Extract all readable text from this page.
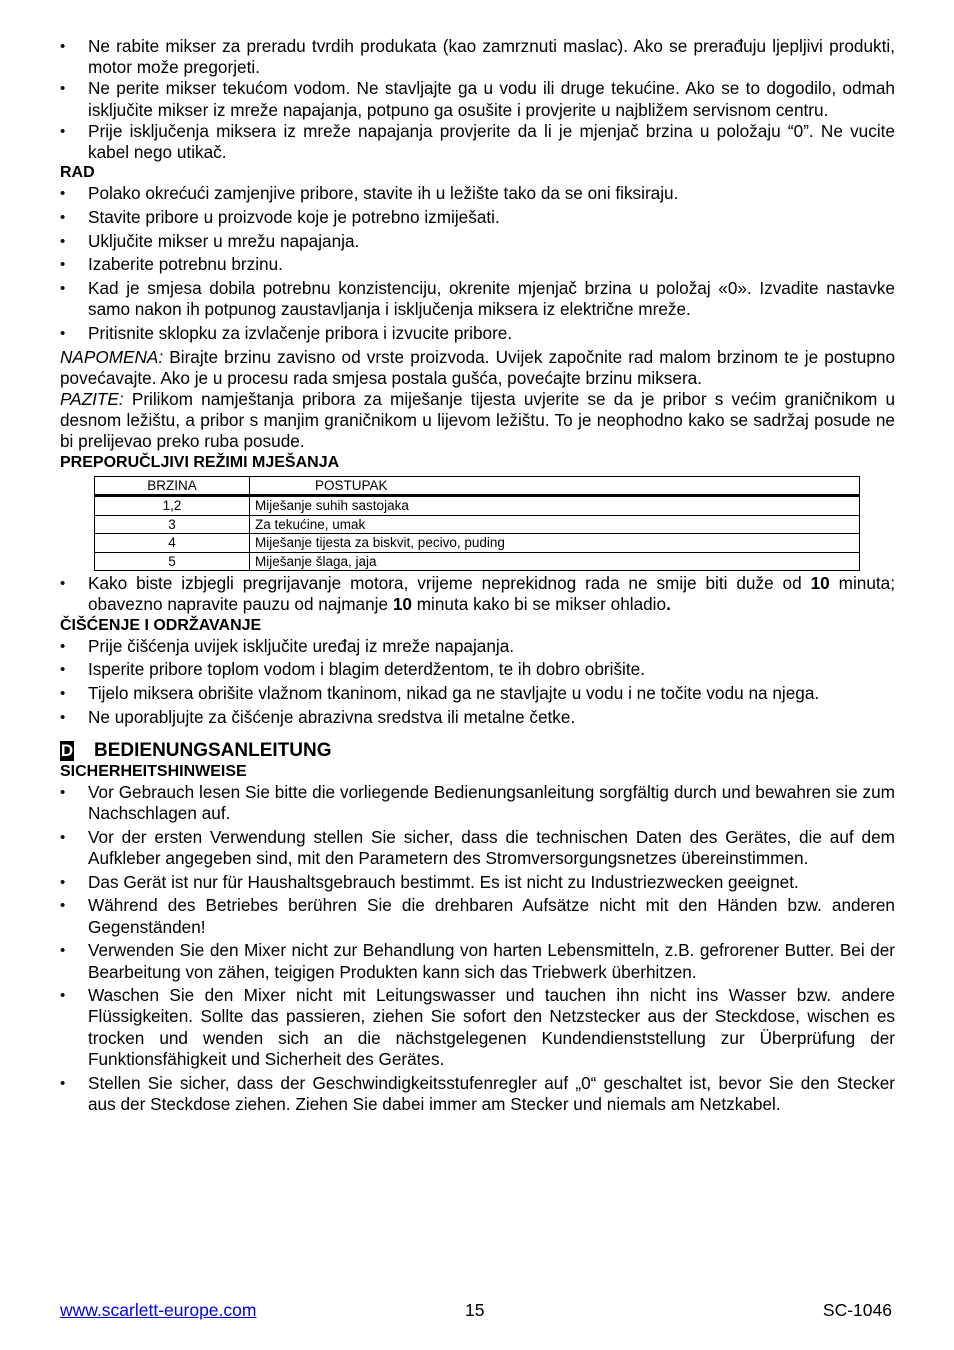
• Ne rabite mikser za preradu tvrdih produkata (kao zamrznuti maslac). Ako se prerađuju ljepljivi produkti, motor može pregorjeti.
• Ne perite mikser tekućom vodom. Ne stavljajte ga u vodu ili druge tekućine. Ako se to dogodilo, odmah isključite mikser iz mreže napajanja, potpuno ga osušite i provjerite u najbližem servisnom centru.
• Prije isključenja miksera iz mreže napajanja provjerite da li je mjenjač brzina u položaju “0”. Ne vucite kabel nego utikač.
RAD
• Polako okrećući zamjenjive pribore, stavite ih u ležište tako da se oni fiksiraju.
• Stavite pribore u proizvode koje je potrebno izmiješati.
• Uključite mikser u mrežu napajanja.
• Izaberite potrebnu brzinu.
• Kad je smjesa dobila potrebnu konzistenciju, okrenite mjenjač brzina u položaj «0». Izvadite nastavke samo nakon ih potpunog zaustavljanja i isključenja miksera iz električne mreže.
• Pritisnite sklopku za izvlačenje pribora i izvucite pribore.

NAPOMENA: Birajte brzinu zavisno od vrste proizvoda. Uvijek započnite rad malom brzinom te je postupno povećavajte. Ako je u procesu rada smjesa postala gušća, povećajte brzinu miksera.

PAZITE: Prilikom namještanja pribora za miješanje tijesta uvjerite se da je pribor s većim graničnikom u desnom ležištu, a pribor s manjim graničnikom u lijevom ležištu. To je neophodno kako se sadržaj posude ne bi prelijevao preko ruba posude.

PREPORUČLJIVI REŽIMI MJEŠANJA
BRZINA	POSTUPAK
1,2	Miješanje suhih sastojaka
3	Za tekućine, umak
4	Miješanje tijesta za biskvit, pecivo, puding
5	Miješanje šlaga, jaja
• Kako biste izbjegli pregrijavanje motora, vrijeme neprekidnog rada ne smije biti duže od 10 minuta; obavezno napravite pauzu od najmanje 10 minuta kako bi se mikser ohladio.
ČIŠĆENJE I ODRŽAVANJE
• Prije čišćenja uvijek isključite uređaj iz mreže napajanja.
• Isperite pribore toplom vodom i blagim deterdžentom, te ih dobro obrišite.
• Tijelo miksera obrišite vlažnom tkaninom, nikad ga ne stavljajte u vodu i ne točite vodu na njega.
• Ne uporabljujte za čišćenje abrazivna sredstva ili metalne četke.
D BEDIENUNGSANLEITUNG
SICHERHEITSHINWEISE
• Vor Gebrauch lesen Sie bitte die vorliegende Bedienungsanleitung sorgfältig durch und bewahren sie zum Nachschlagen auf.
• Vor der ersten Verwendung stellen Sie sicher, dass die technischen Daten des Gerätes, die auf dem Aufkleber angegeben sind, mit den Parametern des Stromversorgungsnetzes übereinstimmen.
• Das Gerät ist nur für Haushaltsgebrauch bestimmt. Es ist nicht zu Industriezwecken geeignet.
• Während des Betriebes berühren Sie die drehbaren Aufsätze nicht mit den Händen bzw. anderen Gegenständen!
• Verwenden Sie den Mixer nicht zur Behandlung von harten Lebensmitteln, z.B. gefrorener Butter. Bei der Bearbeitung von zähen, teigigen Produkten kann sich das Triebwerk überhitzen.
• Waschen Sie den Mixer nicht mit Leitungswasser und tauchen ihn nicht ins Wasser bzw. andere Flüssigkeiten. Sollte das passieren, ziehen Sie sofort den Netzstecker aus der Steckdose, wischen es trocken und wenden sich an die nächstgelegenen Kundendienststellung zur Überprüfung der Funktionsfähigkeit und Sicherheit des Gerätes.
• Stellen Sie sicher, dass der Geschwindigkeitsstufenregler auf „0“ geschaltet ist, bevor Sie den Stecker aus der Steckdose ziehen. Ziehen Sie dabei immer am Stecker und niemals am Netzkabel.
www.scarlett-europe.com	15	SC-1046
